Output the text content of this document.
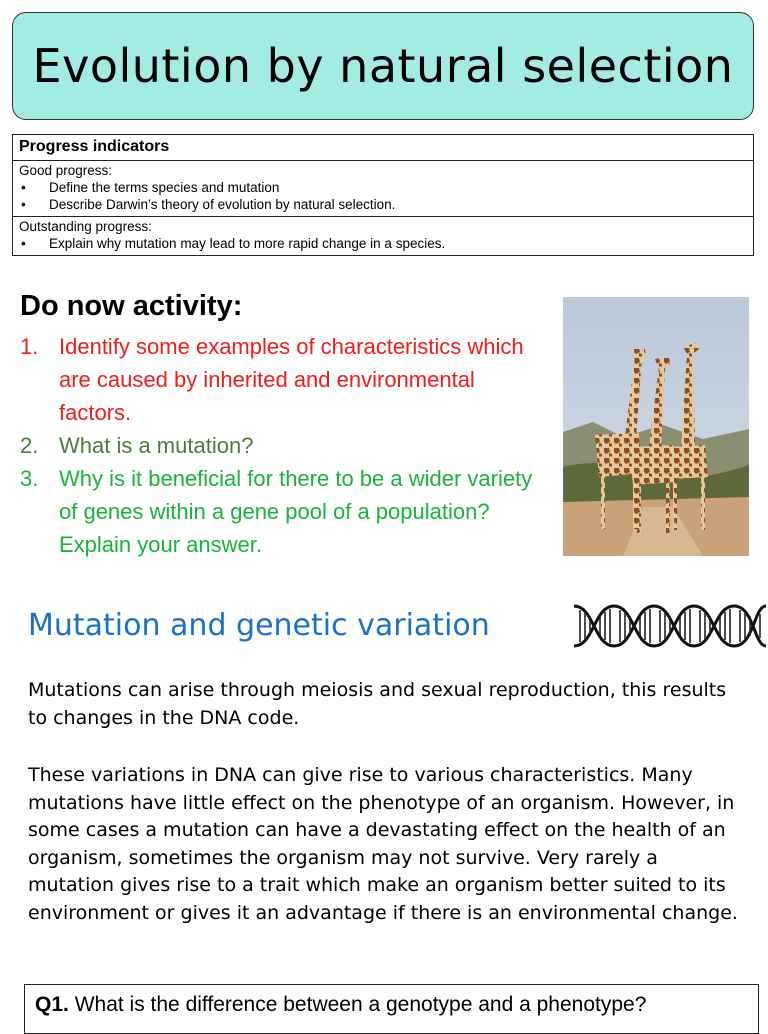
Evolution by natural selection
Progress indicators
Good progress:
• Define the terms species and mutation
• Describe Darwin’s theory of evolution by natural selection.
Outstanding progress:
• Explain why mutation may lead to more rapid change in a species.
Do now activity:
1. Identify some examples of characteristics which are caused by inherited and environmental factors.
2. What is a mutation?
3. Why is it beneficial for there to be a wider variety of genes within a gene pool of a population? Explain your answer.
Mutation and genetic variation

Mutations can arise through meiosis and sexual reproduction, this results to changes in the DNA code.

These variations in DNA can give rise to various characteristics. Many mutations have little effect on the phenotype of an organism. However, in some cases a mutation can have a devastating effect on the health of an organism, sometimes the organism may not survive. Very rarely a mutation gives rise to a trait which make an organism better suited to its environment or gives it an advantage if there is an environmental change.

Q1. What is the difference between a genotype and a phenotype?
